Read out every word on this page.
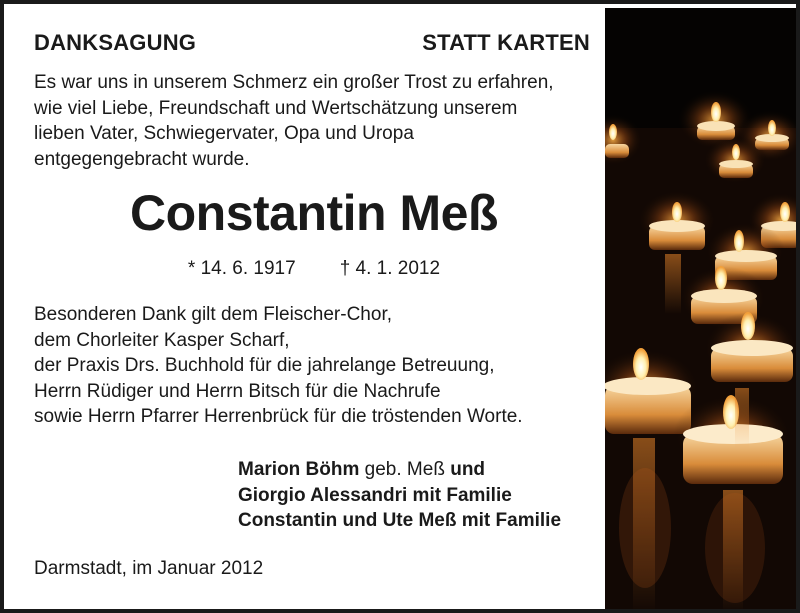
DANKSAGUNG	STATT KARTEN
Es war uns in unserem Schmerz ein großer Trost zu erfahren,
wie viel Liebe, Freundschaft und Wertschätzung unserem
lieben Vater, Schwiegervater, Opa und Uropa
entgegengebracht wurde.
Constantin Meß
* 14. 6. 1917 † 4. 1. 2012
Besonderen Dank gilt dem Fleischer-Chor,
dem Chorleiter Kasper Scharf,
der Praxis Drs. Buchhold für die jahrelange Betreuung,
Herrn Rüdiger und Herrn Bitsch für die Nachrufe
sowie Herrn Pfarrer Herrenbrück für die tröstenden Worte.
Marion Böhm geb. Meß und
Giorgio Alessandri mit Familie
Constantin und Ute Meß mit Familie
Darmstadt, im Januar 2012
